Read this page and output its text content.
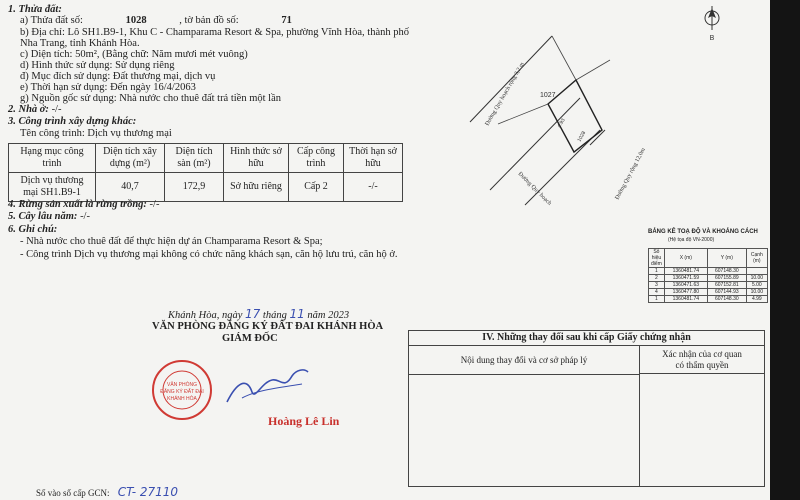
1. Thửa đất:
a) Thửa đất số:	1028	, tờ bản đồ số:	71
b) Địa chỉ: Lô SH1.B9-1, Khu C - Champarama Resort & Spa, phường Vĩnh Hòa, thành phố
Nha Trang, tỉnh Khánh Hòa.
c) Diện tích: 50m², (Bằng chữ: Năm mươi mét vuông)
d) Hình thức sử dụng: Sử dụng riêng
đ) Mục đích sử dụng: Đất thương mại, dịch vụ
e) Thời hạn sử dụng: Đến ngày 16/4/2063
g) Nguồn gốc sử dụng: Nhà nước cho thuê đất trả tiền một lần
2. Nhà ở: -/-
3. Công trình xây dựng khác:
Tên công trình: Dịch vụ thương mại
Hạng mục công trình	Diện tích xây dựng (m²)	Diện tích sàn (m²)	Hình thức sở hữu	Cấp công trình	Thời hạn sở hữu
Dịch vụ thương mại SH1.B9-1	40,7	172,9	Sở hữu riêng	Cấp 2	-/-
4. Rừng sản xuất là rừng trồng: -/-
5. Cây lâu năm: -/-
6. Ghi chú:
- Nhà nước cho thuê đất để thực hiện dự án Champarama Resort & Spa;
- Công trình Dịch vụ thương mại không có chức năng khách sạn, căn hộ lưu trú, căn hộ ở.
B
1027
4.93
1028
Đường Quy hoạch rộng 3,2 m
Đường Quy hoạch	Đường Quy rộng 12,0m
BẢNG KÊ TOẠ ĐỘ VÀ KHOẢNG CÁCH
(Hệ tọa độ VN-2000)
Số hiệu điểm	X (m)	Y (m)	Cạnh (m)
1	1360481.74	607148.30	
2	1360471.59	607155.89	10.00
3	1360471.63	607152.81	5.00
4	1360477.80	607144.93	10.00
1	1360481.74	607148.30	4.99
Khánh Hòa, ngày 17 tháng 11 năm 2023
VĂN PHÒNG ĐĂNG KÝ ĐẤT ĐAI KHÁNH HÒA
GIÁM ĐỐC
VĂN PHÒNG
ĐĂNG KÝ ĐẤT ĐAI
KHÁNH HÒA
Hoàng Lê Lin
IV. Những thay đổi sau khi cấp Giấy chứng nhận
Nội dung thay đổi và cơ sở pháp lý
Xác nhận của cơ quan
có thẩm quyền
Số vào sổ cấp GCN: CT- 27110
